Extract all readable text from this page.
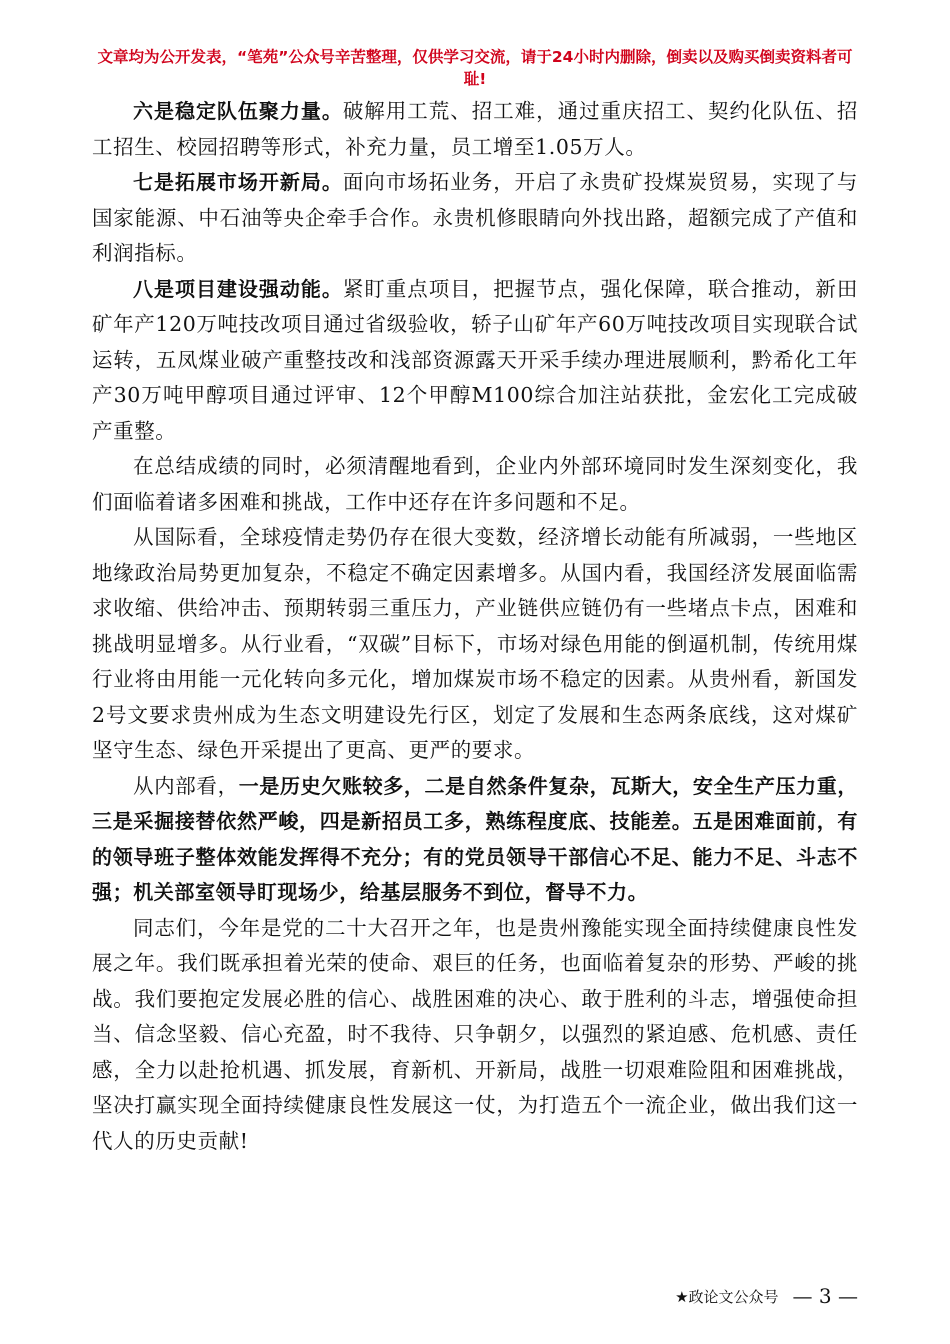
文章均为公开发表，“笔苑”公众号辛苦整理，仅供学习交流，请于24小时内删除，倒卖以及购买倒卖资料者可耻!

六是稳定队伍聚力量。破解用工荒、招工难，通过重庆招工、契约化队伍、招工招生、校园招聘等形式，补充力量，员工增至1.05万人。

七是拓展市场开新局。面向市场拓业务，开启了永贵矿投煤炭贸易，实现了与国家能源、中石油等央企牵手合作。永贵机修眼睛向外找出路，超额完成了产值和利润指标。

八是项目建设强动能。紧盯重点项目，把握节点，强化保障，联合推动，新田矿年产120万吨技改项目通过省级验收，轿子山矿年产60万吨技改项目实现联合试运转，五凤煤业破产重整技改和浅部资源露天开采手续办理进展顺利，黔希化工年产30万吨甲醇项目通过评审、12个甲醇M100综合加注站获批，金宏化工完成破产重整。

在总结成绩的同时，必须清醒地看到，企业内外部环境同时发生深刻变化，我们面临着诸多困难和挑战，工作中还存在许多问题和不足。

从国际看，全球疫情走势仍存在很大变数，经济增长动能有所减弱，一些地区地缘政治局势更加复杂，不稳定不确定因素增多。从国内看，我国经济发展面临需求收缩、供给冲击、预期转弱三重压力，产业链供应链仍有一些堵点卡点，困难和挑战明显增多。从行业看，“双碳”目标下，市场对绿色用能的倒逼机制，传统用煤行业将由用能一元化转向多元化，增加煤炭市场不稳定的因素。从贵州看，新国发2号文要求贵州成为生态文明建设先行区，划定了发展和生态两条底线，这对煤矿坚守生态、绿色开采提出了更高、更严的要求。

从内部看，一是历史欠账较多，二是自然条件复杂，瓦斯大，安全生产压力重，三是采掘接替依然严峻，四是新招员工多，熟练程度底、技能差。五是困难面前，有的领导班子整体效能发挥得不充分；有的党员领导干部信心不足、能力不足、斗志不强；机关部室领导盯现场少，给基层服务不到位，督导不力。

同志们，今年是党的二十大召开之年，也是贵州豫能实现全面持续健康良性发展之年。我们既承担着光荣的使命、艰巨的任务，也面临着复杂的形势、严峻的挑战。我们要抱定发展必胜的信心、战胜困难的决心、敢于胜利的斗志，增强使命担当、信念坚毅、信心充盈，时不我待、只争朝夕，以强烈的紧迫感、危机感、责任感，全力以赴抢机遇、抓发展，育新机、开新局，战胜一切艰难险阻和困难挑战，坚决打赢实现全面持续健康良性发展这一仗，为打造五个一流企业，做出我们这一代人的历史贡献!

★政论文公众号 — 3 —
